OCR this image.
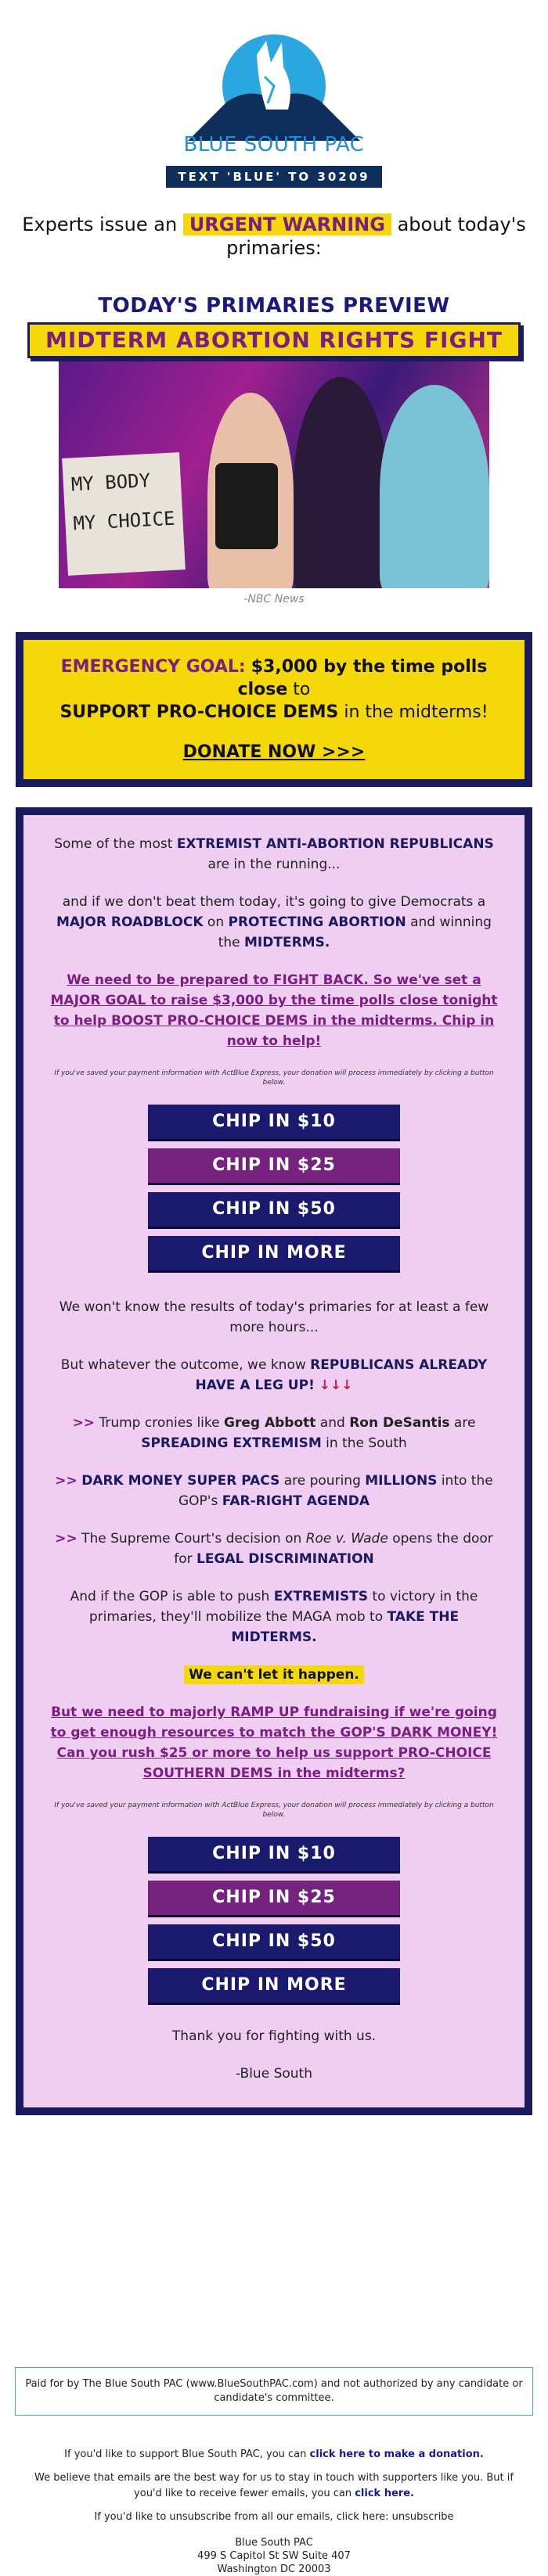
BLUE SOUTH PAC
TEXT 'BLUE' TO 30209
Experts issue an URGENT WARNING about today's primaries:
TODAY'S PRIMARIES PREVIEW
MIDTERM ABORTION RIGHTS FIGHT
MY BODY
MY CHOICE
-NBC News
EMERGENCY GOAL: $3,000 by the time polls close to
SUPPORT PRO-CHOICE DEMS in the midterms!
DONATE NOW >>>

Some of the most EXTREMIST ANTI-ABORTION REPUBLICANS are in the running...

and if we don't beat them today, it's going to give Democrats a MAJOR ROADBLOCK on PROTECTING ABORTION and winning the MIDTERMS.

We need to be prepared to FIGHT BACK. So we've set a MAJOR GOAL to raise $3,000 by the time polls close tonight to help BOOST PRO-CHOICE DEMS in the midterms. Chip in now to help!

If you've saved your payment information with ActBlue Express, your donation will process immediately by clicking a button below.

CHIP IN $10
CHIP IN $25
CHIP IN $50
CHIP IN MORE

We won't know the results of today's primaries for at least a few more hours...

But whatever the outcome, we know REPUBLICANS ALREADY HAVE A LEG UP! ↓↓↓

>> Trump cronies like Greg Abbott and Ron DeSantis are SPREADING EXTREMISM in the South

>> DARK MONEY SUPER PACS are pouring MILLIONS into the GOP's FAR-RIGHT AGENDA

>> The Supreme Court's decision on Roe v. Wade opens the door for LEGAL DISCRIMINATION

And if the GOP is able to push EXTREMISTS to victory in the primaries, they'll mobilize the MAGA mob to TAKE THE MIDTERMS.

We can't let it happen.

But we need to majorly RAMP UP fundraising if we're going to get enough resources to match the GOP'S DARK MONEY! Can you rush $25 or more to help us support PRO-CHOICE SOUTHERN DEMS in the midterms?

If you've saved your payment information with ActBlue Express, your donation will process immediately by clicking a button below.

CHIP IN $10
CHIP IN $25
CHIP IN $50
CHIP IN MORE

Thank you for fighting with us.

-Blue South

Paid for by The Blue South PAC (www.BlueSouthPAC.com) and not authorized by any candidate or candidate's committee.

If you'd like to support Blue South PAC, you can click here to make a donation.

We believe that emails are the best way for us to stay in touch with supporters like you. But if you'd like to receive fewer emails, you can click here.

If you'd like to unsubscribe from all our emails, click here: unsubscribe

Blue South PAC
499 S Capitol St SW Suite 407
Washington DC 20003
